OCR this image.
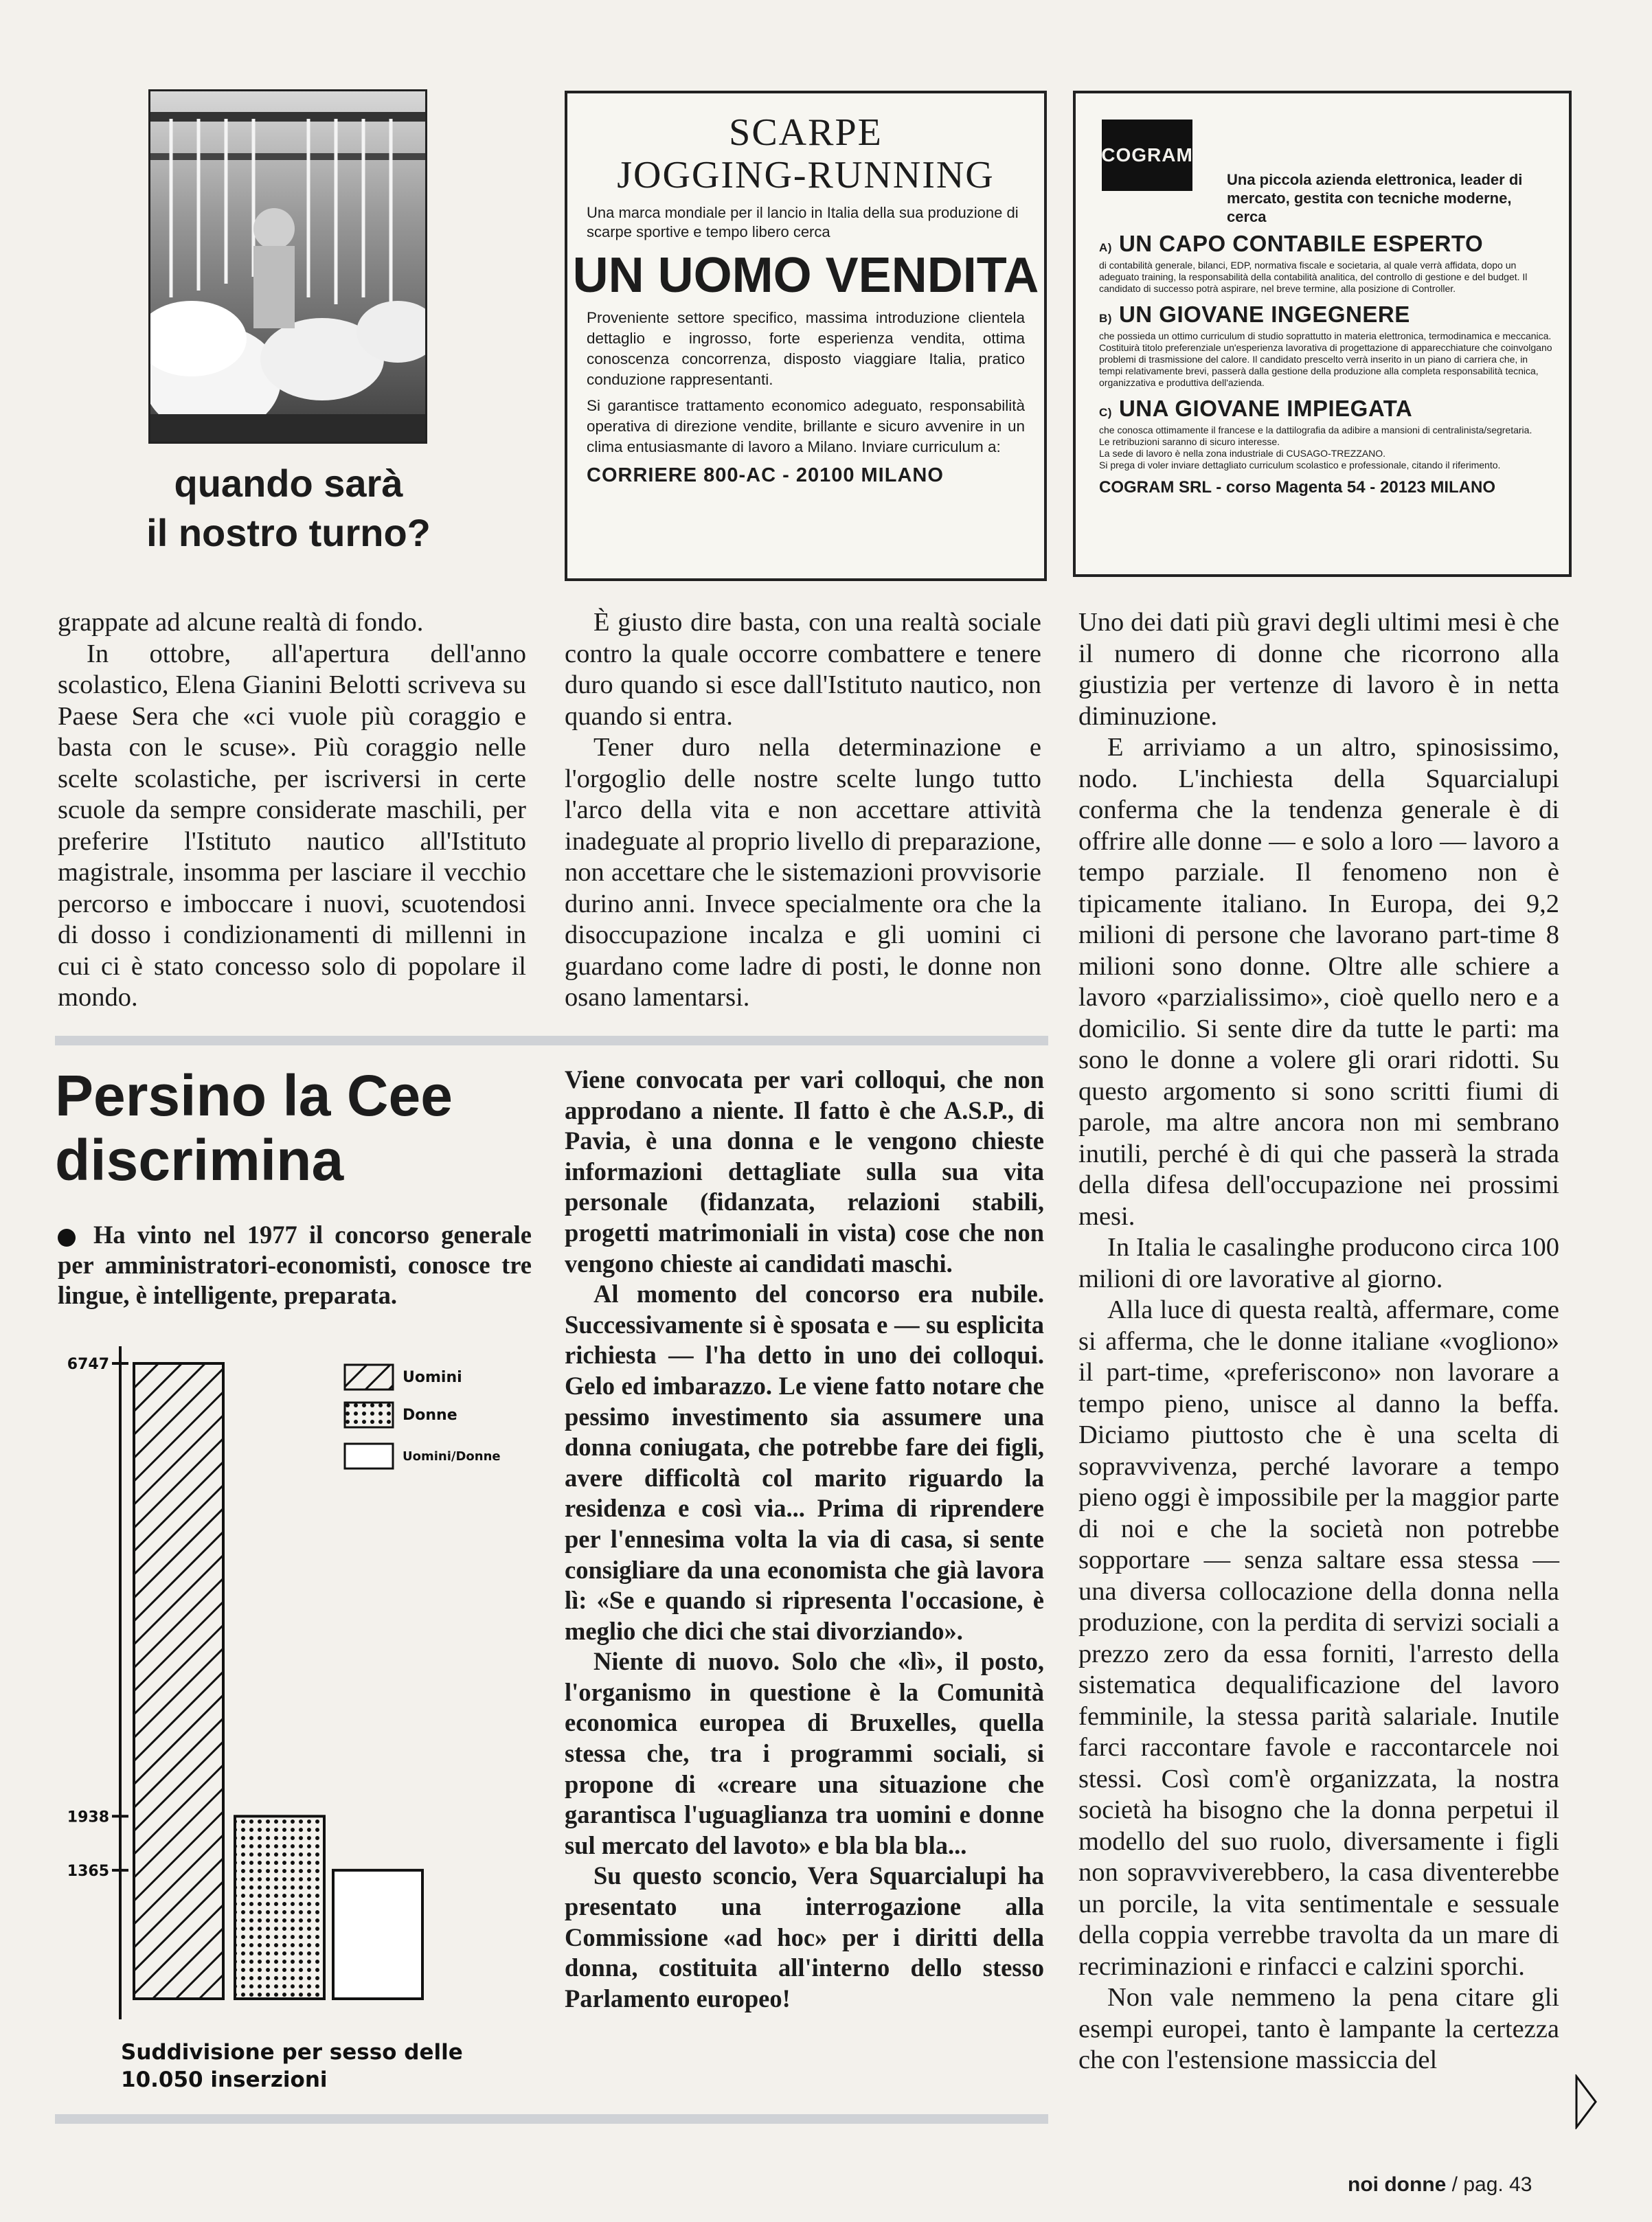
quando sarà
il nostro turno?
SCARPE
JOGGING-RUNNING
Una marca mondiale per il lancio in Italia della sua produzione di scarpe sportive e tempo libero cerca
UN UOMO VENDITA
Proveniente settore specifico, massima introduzione clientela dettaglio e ingrosso, forte esperienza vendita, ottima conoscenza concorrenza, disposto viaggiare Italia, pratico conduzione rappresentanti.
Si garantisce trattamento economico adeguato, responsabilità operativa di direzione vendite, brillante e sicuro avvenire in un clima entusiasmante di lavoro a Milano. Inviare curriculum a:
CORRIERE 800-AC - 20100 MILANO
COGRAM
Una piccola azienda elettronica, leader di mercato, gestita con tecniche moderne, cerca
A) UN CAPO CONTABILE ESPERTO

di contabilità generale, bilanci, EDP, normativa fiscale e societaria, al quale verrà affidata, dopo un adeguato training, la responsabilità della contabilità analitica, del controllo di gestione e del budget. Il candidato di successo potrà aspirare, nel breve termine, alla posizione di Controller.

B) UN GIOVANE INGEGNERE

che possieda un ottimo curriculum di studio soprattutto in materia elettronica, termodinamica e meccanica. Costituirà titolo preferenziale un'esperienza lavorativa di progettazione di apparecchiature che coinvolgano problemi di trasmissione del calore. Il candidato prescelto verrà inserito in un piano di carriera che, in tempi relativamente brevi, passerà dalla gestione della produzione alla completa responsabilità tecnica, organizzativa e produttiva dell'azienda.

C) UNA GIOVANE IMPIEGATA

che conosca ottimamente il francese e la dattilografia da adibire a mansioni di centralinista/segretaria.

Le retribuzioni saranno di sicuro interesse.

La sede di lavoro è nella zona industriale di CUSAGO-TREZZANO.

Si prega di voler inviare dettagliato curriculum scolastico e professionale, citando il riferimento.

COGRAM SRL - corso Magenta 54 - 20123 MILANO

grappate ad alcune realtà di fondo.

In ottobre, all'apertura dell'anno scolastico, Elena Gianini Belotti scriveva su Paese Sera che «ci vuole più coraggio e basta con le scuse». Più coraggio nelle scelte scolastiche, per iscriversi in certe scuole da sempre considerate maschili, per preferire l'Istituto nautico all'Istituto magistrale, insomma per lasciare il vecchio percorso e imboccare i nuovi, scuotendosi di dosso i condizionamenti di millenni in cui ci è stato concesso solo di popolare il mondo.

È giusto dire basta, con una realtà sociale contro la quale occorre combattere e tenere duro quando si esce dall'Istituto nautico, non quando si entra.

Tener duro nella determinazione e l'orgoglio delle nostre scelte lungo tutto l'arco della vita e non accettare attività inadeguate al proprio livello di preparazione, non accettare che le sistemazioni provvisorie durino anni. Invece specialmente ora che la disoccupazione incalza e gli uomini ci guardano come ladre di posti, le donne non osano lamentarsi.

Uno dei dati più gravi degli ultimi mesi è che il numero di donne che ricorrono alla giustizia per vertenze di lavoro è in netta diminuzione.

E arriviamo a un altro, spinosissimo, nodo. L'inchiesta della Squarcialupi conferma che la tendenza generale è di offrire alle donne — e solo a loro — lavoro a tempo parziale. Il fenomeno non è tipicamente italiano. In Europa, dei 9,2 milioni di persone che lavorano part-time 8 milioni sono donne. Oltre alle schiere a lavoro «parzialissimo», cioè quello nero e a domicilio. Si sente dire da tutte le parti: ma sono le donne a volere gli orari ridotti. Su questo argomento si sono scritti fiumi di parole, ma altre ancora non mi sembrano inutili, perché è di qui che passerà la strada della difesa dell'occupazione nei prossimi mesi.

In Italia le casalinghe producono circa 100 milioni di ore lavorative al giorno.

Alla luce di questa realtà, affermare, come si afferma, che le donne italiane «vogliono» il part-time, «preferiscono» non lavorare a tempo pieno, unisce al danno la beffa. Diciamo piuttosto che è una scelta di sopravvivenza, perché lavorare a tempo pieno oggi è impossibile per la maggior parte di noi e che la società non potrebbe sopportare — senza saltare essa stessa — una diversa collocazione della donna nella produzione, con la perdita di servizi sociali a prezzo zero da essa forniti, l'arresto della sistematica dequalificazione del lavoro femminile, la stessa parità salariale. Inutile farci raccontare favole e raccontarcele noi stessi. Così com'è organizzata, la nostra società ha bisogno che la donna perpetui il modello del suo ruolo, diversamente i figli non sopravviverebbero, la casa diventerebbe un porcile, la vita sentimentale e sessuale della coppia verrebbe travolta da un mare di recriminazioni e rinfacci e calzini sporchi.

Non vale nemmeno la pena citare gli esempi europei, tanto è lampante la certezza che con l'estensione massiccia del

Persino la Cee
discrimina
Ha vinto nel 1977 il concorso generale per amministratori-economisti, conosce tre lingue, è intelligente, preparata.
6747
1938
1365
Uomini
Donne
Uomini/Donne
Suddivisione per sesso delle
10.050 inserzioni

Viene convocata per vari colloqui, che non approdano a niente. Il fatto è che A.S.P., di Pavia, è una donna e le vengono chieste informazioni dettagliate sulla sua vita personale (fidanzata, relazioni stabili, progetti matrimoniali in vista) cose che non vengono chieste ai candidati maschi.

Al momento del concorso era nubile. Successivamente si è sposata e — su esplicita richiesta — l'ha detto in uno dei colloqui. Gelo ed imbarazzo. Le viene fatto notare che pessimo investimento sia assumere una donna coniugata, che potrebbe fare dei figli, avere difficoltà col marito riguardo la residenza e così via... Prima di riprendere per l'ennesima volta la via di casa, si sente consigliare da una economista che già lavora lì: «Se e quando si ripresenta l'occasione, è meglio che dici che stai divorziando».

Niente di nuovo. Solo che «lì», il posto, l'organismo in questione è la Comunità economica europea di Bruxelles, quella stessa che, tra i programmi sociali, si propone di «creare una situazione che garantisca l'uguaglianza tra uomini e donne sul mercato del lavoto» e bla bla bla...

Su questo sconcio, Vera Squarcialupi ha presentato una interrogazione alla Commissione «ad hoc» per i diritti della donna, costituita all'interno dello stesso Parlamento europeo!

noi donne / pag. 43
